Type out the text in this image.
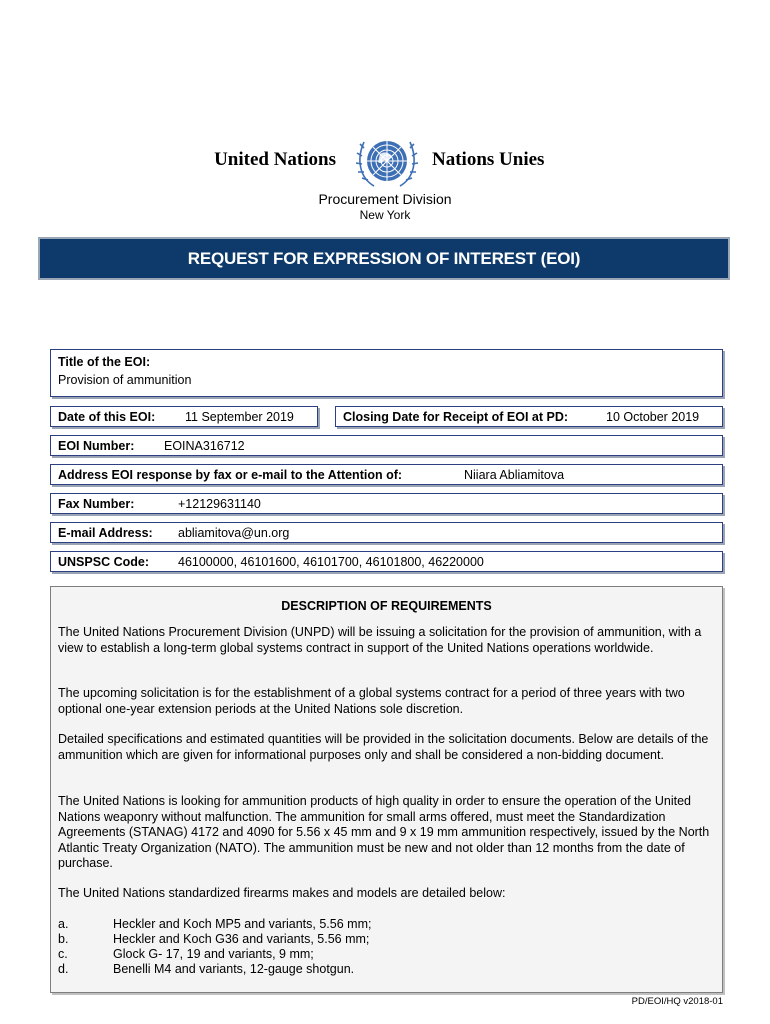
United Nations	Nations Unies
Procurement Division
New York
REQUEST FOR EXPRESSION OF INTEREST (EOI)
Title of the EOI:
Provision of ammunition
Date of this EOI: 11 September 2019	Closing Date for Receipt of EOI at PD:	10 October 2019
EOI Number: EOINA316712
Address EOI response by fax or e-mail to the Attention of:	Niiara Abliamitova
Fax Number:	+12129631140
E-mail Address: abliamitova@un.org
UNSPSC Code: 46100000, 46101600, 46101700, 46101800, 46220000
DESCRIPTION OF REQUIREMENTS

The United Nations Procurement Division (UNPD) will be issuing a solicitation for the provision of ammunition, with a view to establish a long-term global systems contract in support of the United Nations operations worldwide.

The upcoming solicitation is for the establishment of a global systems contract for a period of three years with two optional one-year extension periods at the United Nations sole discretion.

Detailed specifications and estimated quantities will be provided in the solicitation documents. Below are details of the ammunition which are given for informational purposes only and shall be considered a non-bidding document.

The United Nations is looking for ammunition products of high quality in order to ensure the operation of the United Nations weaponry without malfunction. The ammunition for small arms offered, must meet the Standardization Agreements (STANAG) 4172 and 4090 for 5.56 x 45 mm and 9 x 19 mm ammunition respectively, issued by the North Atlantic Treaty Organization (NATO). The ammunition must be new and not older than 12 months from the date of purchase.

The United Nations standardized firearms makes and models are detailed below:

a.	Heckler and Koch MP5 and variants, 5.56 mm;
b.	Heckler and Koch G36 and variants, 5.56 mm;
c.	Glock G- 17, 19 and variants, 9 mm;
d.	Benelli M4 and variants, 12-gauge shotgun.
PD/EOI/HQ v2018-01
